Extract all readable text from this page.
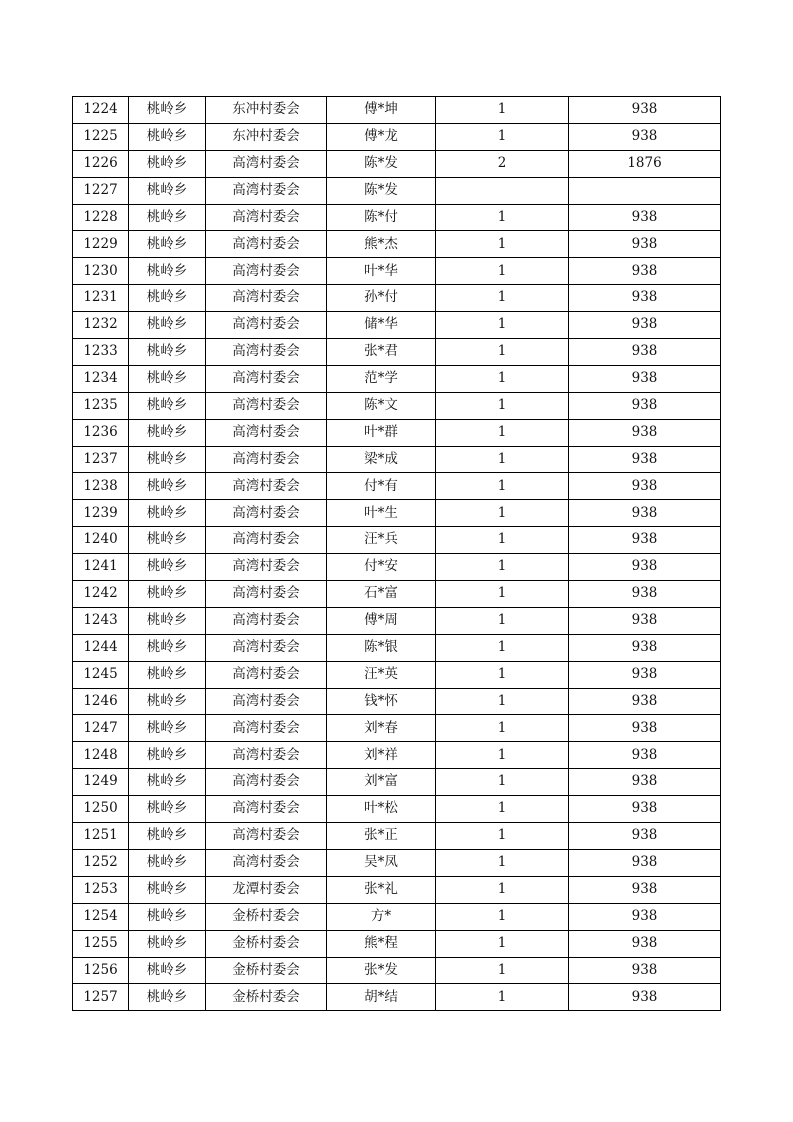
1224	桃岭乡	东冲村委会	傅*坤	1	938
1225	桃岭乡	东冲村委会	傅*龙	1	938
1226	桃岭乡	高湾村委会	陈*发	2	1876
1227	桃岭乡	高湾村委会	陈*发		
1228	桃岭乡	高湾村委会	陈*付	1	938
1229	桃岭乡	高湾村委会	熊*杰	1	938
1230	桃岭乡	高湾村委会	叶*华	1	938
1231	桃岭乡	高湾村委会	孙*付	1	938
1232	桃岭乡	高湾村委会	储*华	1	938
1233	桃岭乡	高湾村委会	张*君	1	938
1234	桃岭乡	高湾村委会	范*学	1	938
1235	桃岭乡	高湾村委会	陈*文	1	938
1236	桃岭乡	高湾村委会	叶*群	1	938
1237	桃岭乡	高湾村委会	梁*成	1	938
1238	桃岭乡	高湾村委会	付*有	1	938
1239	桃岭乡	高湾村委会	叶*生	1	938
1240	桃岭乡	高湾村委会	汪*兵	1	938
1241	桃岭乡	高湾村委会	付*安	1	938
1242	桃岭乡	高湾村委会	石*富	1	938
1243	桃岭乡	高湾村委会	傅*周	1	938
1244	桃岭乡	高湾村委会	陈*银	1	938
1245	桃岭乡	高湾村委会	汪*英	1	938
1246	桃岭乡	高湾村委会	钱*怀	1	938
1247	桃岭乡	高湾村委会	刘*春	1	938
1248	桃岭乡	高湾村委会	刘*祥	1	938
1249	桃岭乡	高湾村委会	刘*富	1	938
1250	桃岭乡	高湾村委会	叶*松	1	938
1251	桃岭乡	高湾村委会	张*正	1	938
1252	桃岭乡	高湾村委会	吴*凤	1	938
1253	桃岭乡	龙潭村委会	张*礼	1	938
1254	桃岭乡	金桥村委会	方*	1	938
1255	桃岭乡	金桥村委会	熊*程	1	938
1256	桃岭乡	金桥村委会	张*发	1	938
1257	桃岭乡	金桥村委会	胡*结	1	938
